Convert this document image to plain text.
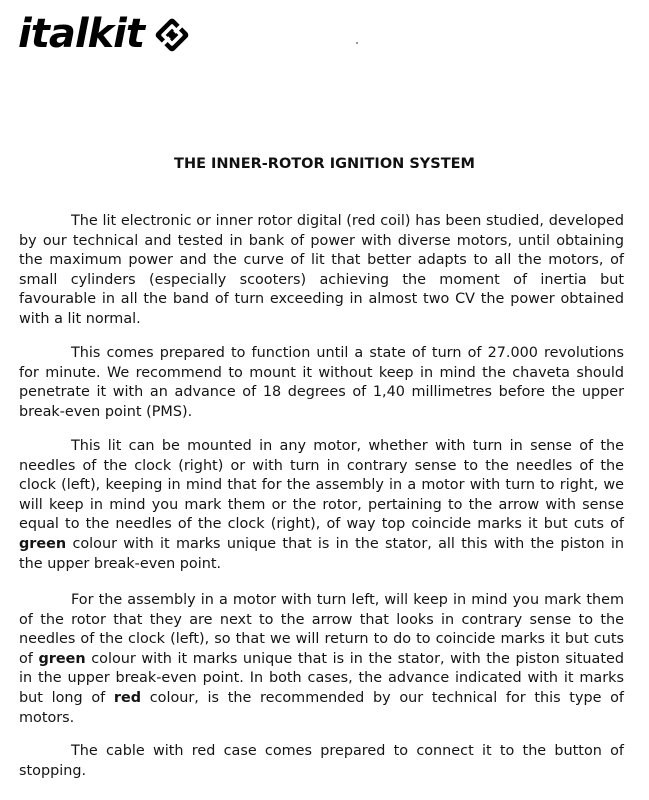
italkit
THE INNER-ROTOR IGNITION SYSTEM

The lit electronic or inner rotor digital (red coil) has been studied, developed by our technical and tested in bank of power with diverse motors, until obtaining the maximum power and the curve of lit that better adapts to all the motors, of small cylinders (especially scooters) achieving the moment of inertia but favourable in all the band of turn exceeding in almost two CV the power obtained with a lit normal.

This comes prepared to function until a state of turn of 27.000 revolutions for minute. We recommend to mount it without keep in mind the chaveta should penetrate it with an advance of 18 degrees of 1,40 millimetres before the upper break-even point (PMS).

This lit can be mounted in any motor, whether with turn in sense of the needles of the clock (right) or with turn in contrary sense to the needles of the clock (left), keeping in mind that for the assembly in a motor with turn to right, we will keep in mind you mark them or the rotor, pertaining to the arrow with sense equal to the needles of the clock (right), of way top coincide marks it but cuts of green colour with it marks unique that is in the stator, all this with the piston in the upper break-even point.

For the assembly in a motor with turn left, will keep in mind you mark them of the rotor that they are next to the arrow that looks in contrary sense to the needles of the clock (left), so that we will return to do to coincide marks it but cuts of green colour with it marks unique that is in the stator, with the piston situated in the upper break-even point. In both cases, the advance indicated with it marks but long of red colour, is the recommended by our technical for this type of motors.

The cable with red case comes prepared to connect it to the button of stopping.
